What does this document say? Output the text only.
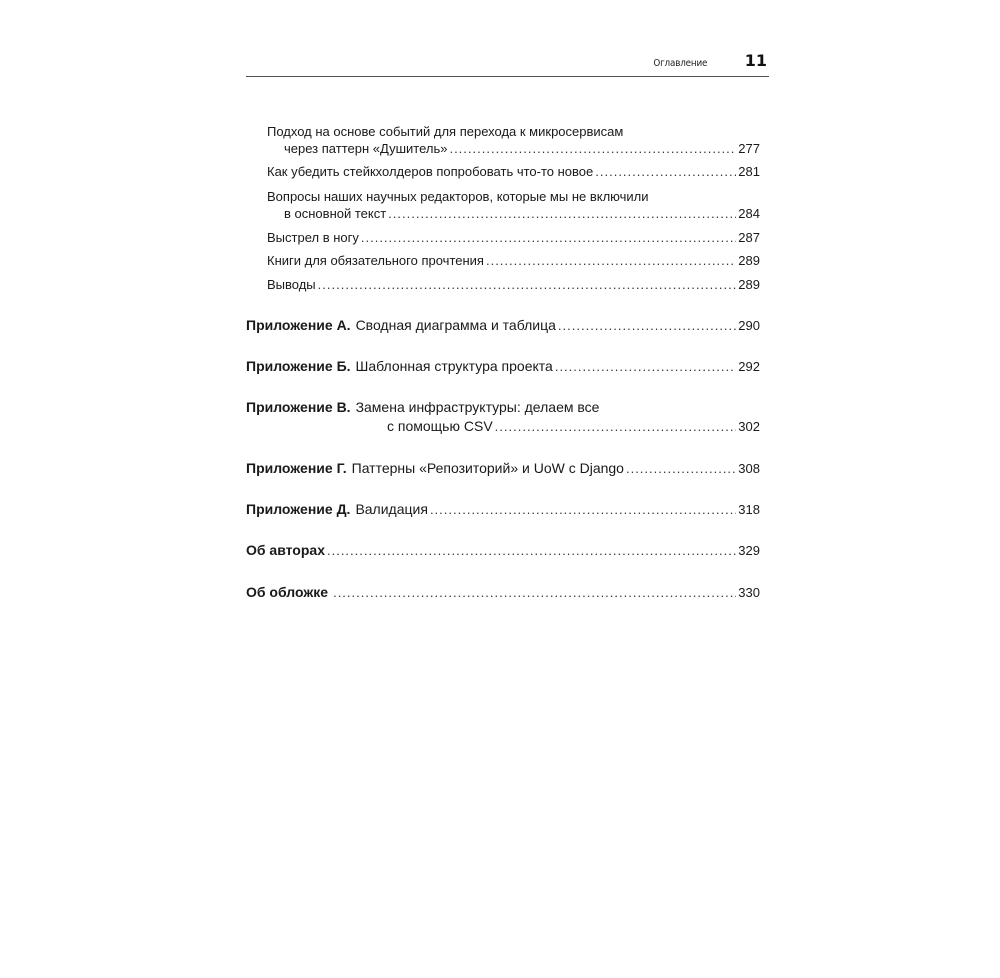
Оглавление 11
Подход на основе событий для перехода к микросервисам
через паттерн «Душитель» .....	277
Как убедить стейкхолдеров попробовать что-то новое .....	281
Вопросы наших научных редакторов, которые мы не включили
в основной текст .....	284
Выстрел в ногу .....	287
Книги для обязательного прочтения .....	289
Выводы .....	289
Приложение А. Сводная диаграмма и таблица .....	290
Приложение Б. Шаблонная структура проекта .....	292
Приложение В. Замена инфраструктуры: делаем все
с помощью CSV .....	302
Приложение Г. Паттерны «Репозиторий» и UoW с Django .....	308
Приложение Д. Валидация .....	318
Об авторах .....	329
Об обложке .....	330
